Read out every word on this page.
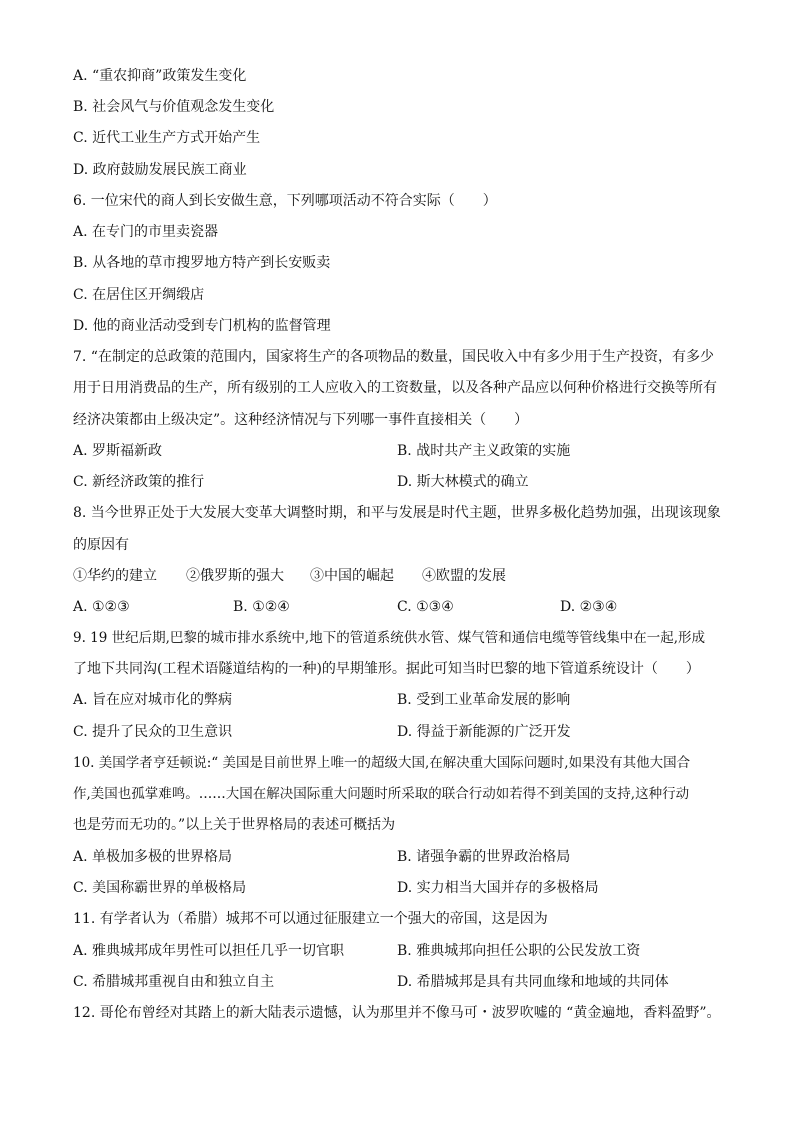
A. “重农抑商”政策发生变化
B. 社会风气与价值观念发生变化
C. 近代工业生产方式开始产生
D. 政府鼓励发展民族工商业
6. 一位宋代的商人到长安做生意，下列哪项活动不符合实际（　　）
A. 在专门的市里卖瓷器
B. 从各地的草市搜罗地方特产到长安贩卖
C. 在居住区开绸缎店
D. 他的商业活动受到专门机构的监督管理
7. “在制定的总政策的范围内，国家将生产的各项物品的数量，国民收入中有多少用于生产投资，有多少
用于日用消费品的生产，所有级别的工人应收入的工资数量，以及各种产品应以何种价格进行交换等所有
经济决策都由上级决定”。这种经济情况与下列哪一事件直接相关（　　）
A. 罗斯福新政	B. 战时共产主义政策的实施
C. 新经济政策的推行	D. 斯大林模式的确立
8. 当今世界正处于大发展大变革大调整时期，和平与发展是时代主题，世界多极化趋势加强，出现该现象
的原因有
①华约的建立 ②俄罗斯的强大 ③中国的崛起 ④欧盟的发展
A. ①②③	B. ①②④	C. ①③④	D. ②③④
9. 19 世纪后期,巴黎的城市排水系统中,地下的管道系统供水管、煤气管和通信电缆等管线集中在一起,形成
了地下共同沟(工程术语隧道结构的一种)的早期雏形。据此可知当时巴黎的地下管道系统设计（　　）
A. 旨在应对城市化的弊病	B. 受到工业革命发展的影响
C. 提升了民众的卫生意识	D. 得益于新能源的广泛开发
10. 美国学者亨廷顿说:“ 美国是目前世界上唯一的超级大国,在解决重大国际问题时,如果没有其他大国合
作,美国也孤掌难鸣。……大国在解决国际重大问题时所采取的联合行动如若得不到美国的支持,这种行动
也是劳而无功的。”以上关于世界格局的表述可概括为
A. 单极加多极的世界格局	B. 诸强争霸的世界政治格局
C. 美国称霸世界的单极格局	D. 实力相当大国并存的多极格局
11. 有学者认为（希腊）城邦不可以通过征服建立一个强大的帝国，这是因为
A. 雅典城邦成年男性可以担任几乎一切官职	B. 雅典城邦向担任公职的公民发放工资
C. 希腊城邦重视自由和独立自主	D. 希腊城邦是具有共同血缘和地域的共同体
12. 哥伦布曾经对其踏上的新大陆表示遗憾，认为那里并不像马可・波罗吹嘘的 “黄金遍地，香料盈野”。
